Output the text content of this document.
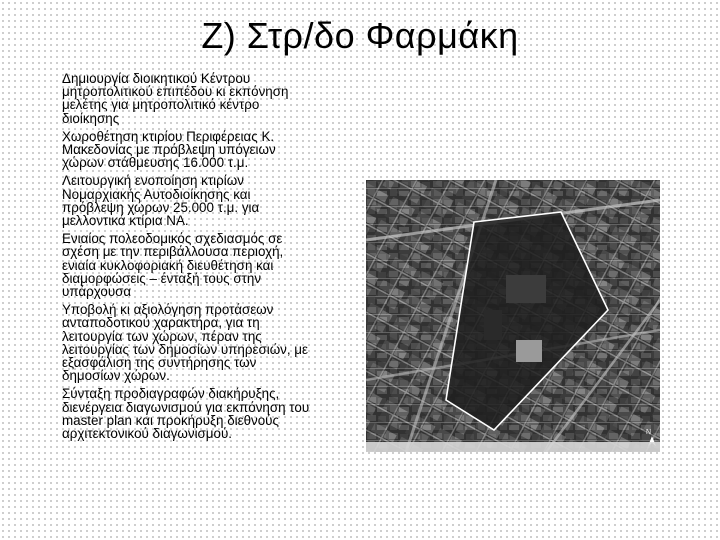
Ζ) Στρ/δο Φαρμάκη
Δημιουργία διοικητικού Κέντρου
μητροπολιτικού επιπέδου κι εκπόνηση
μελέτης για μητροπολιτικό κέντρο
διοίκησης
Χωροθέτηση κτιρίου Περιφέρειας Κ.
Μακεδονίας με πρόβλεψη υπόγειων
χώρων στάθμευσης 16.000 τ.μ.
Λειτουργική ενοποίηση κτιρίων
Νομαρχιακής Αυτοδιοίκησης και
πρόβλεψη χώρων 25.000 τ.μ. για
μελλοντικά κτίρια ΝΑ.
Ενιαίος πολεοδομικός σχεδιασμός σε
σχέση με την περιβάλλουσα περιοχή,
ενιαία κυκλοφοριακή διευθέτηση και
διαμορφώσεις – ένταξή τους στην
υπάρχουσα
Υποβολή κι αξιολόγηση προτάσεων
ανταποδοτικού χαρακτήρα, για τη
λειτουργία των χώρων, πέραν της
λειτουργίας των δημοσίων υπηρεσιών, με
εξασφάλιση της συντήρησης των
δημοσίων χώρων.
Σύνταξη προδιαγραφών διακήρυξης,
διενέργεια διαγωνισμού για εκπόνηση του
master plan και προκήρυξη διεθνούς
αρχιτεκτονικού διαγωνισμού.	N
